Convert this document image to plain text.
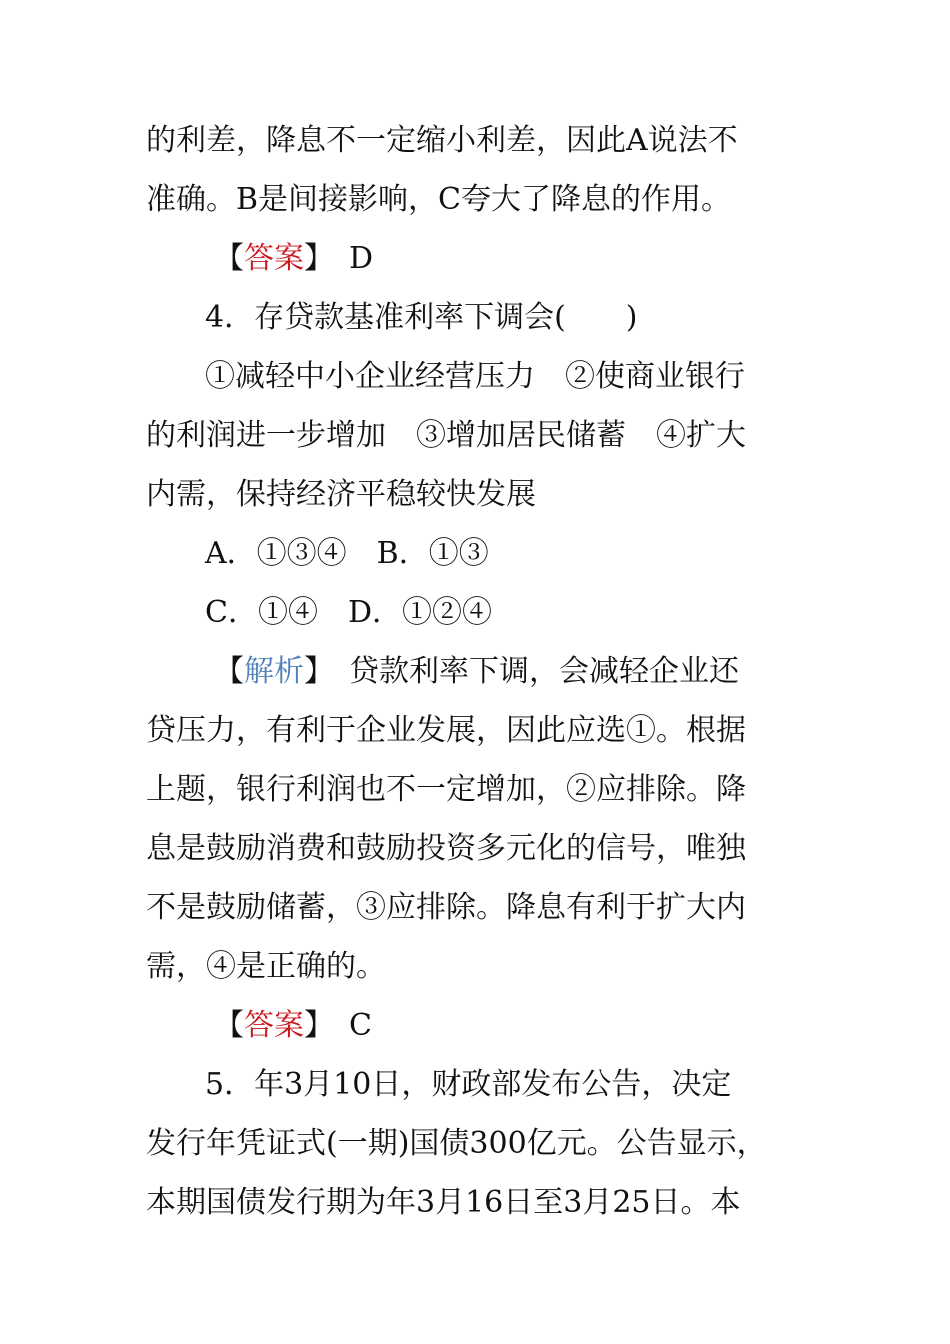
的利差，降息不一定缩小利差，因此A说法不
准确。B是间接影响，C夸大了降息的作用。
【答案】　D
4．存贷款基准利率下调会(　　)
①减轻中小企业经营压力　②使商业银行
的利润进一步增加　③增加居民储蓄　④扩大
内需，保持经济平稳较快发展
A．①③④　B．①③
C．①④　D．①②④
【解析】　贷款利率下调，会减轻企业还
贷压力，有利于企业发展，因此应选①。根据
上题，银行利润也不一定增加，②应排除。降
息是鼓励消费和鼓励投资多元化的信号，唯独
不是鼓励储蓄，③应排除。降息有利于扩大内
需，④是正确的。
【答案】　C
5．年3月10日，财政部发布公告，决定
发行年凭证式(一期)国债300亿元。公告显示，
本期国债发行期为年3月16日至3月25日。本
